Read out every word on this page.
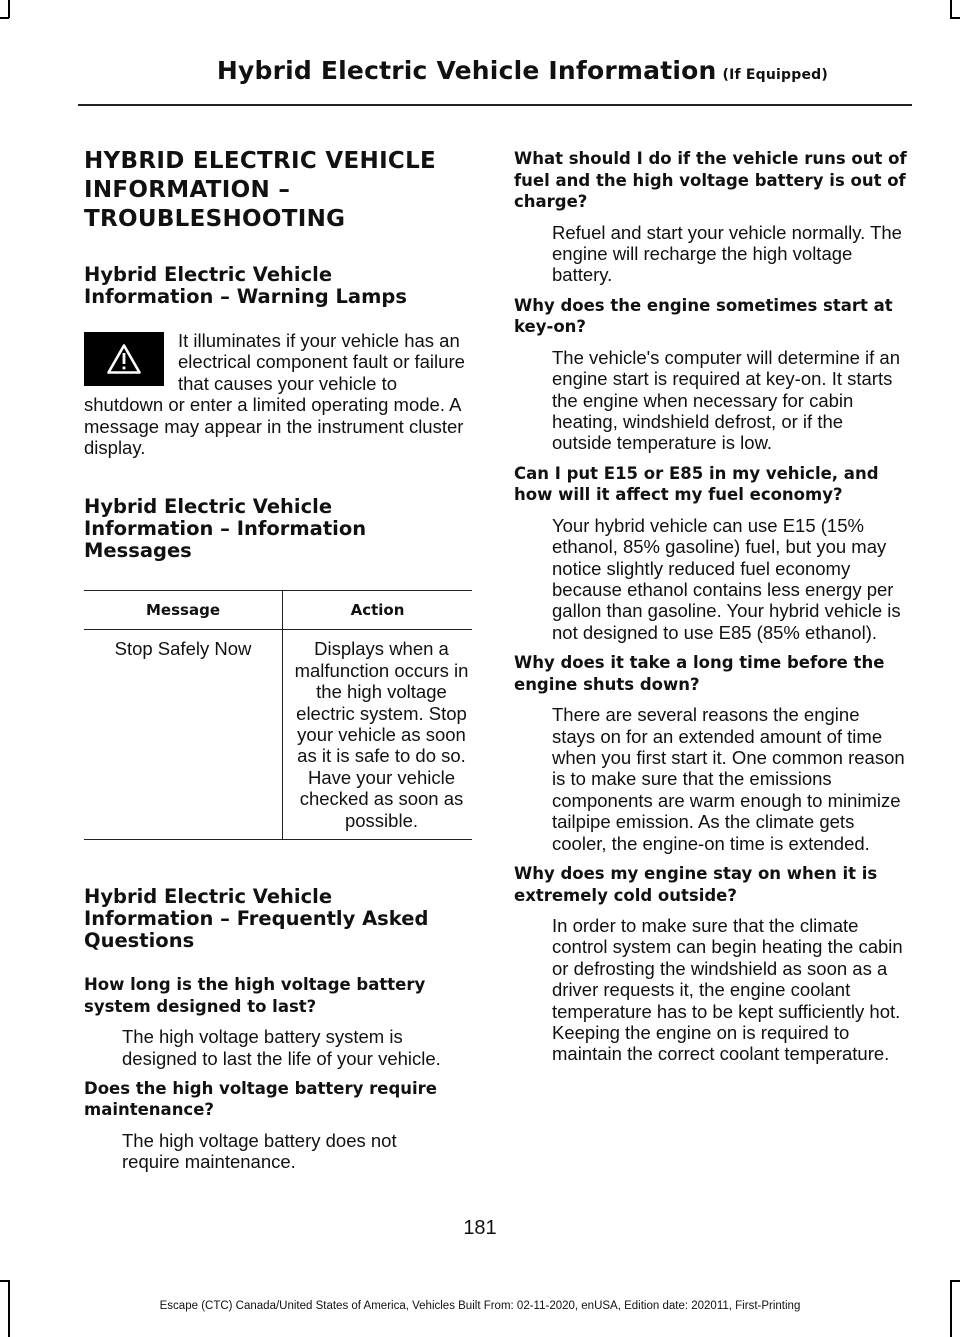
Hybrid Electric Vehicle Information (If Equipped)
HYBRID ELECTRIC VEHICLE
INFORMATION –
TROUBLESHOOTING
Hybrid Electric Vehicle Information – Warning Lamps

It illuminates if your vehicle has an electrical component fault or failure that causes your vehicle to shutdown or enter a limited operating mode. A message may appear in the instrument cluster display.

Hybrid Electric Vehicle Information – Information Messages
Message	Action
Stop Safely Now	Displays when a malfunction occurs in the high voltage electric system. Stop your vehicle as soon as it is safe to do so. Have your vehicle checked as soon as possible.
Hybrid Electric Vehicle Information – Frequently Asked Questions
How long is the high voltage battery system designed to last?

The high voltage battery system is designed to last the life of your vehicle.

Does the high voltage battery require maintenance?

The high voltage battery does not require maintenance.

What should I do if the vehicle runs out of fuel and the high voltage battery is out of charge?

Refuel and start your vehicle normally. The engine will recharge the high voltage battery.

Why does the engine sometimes start at key-on?

The vehicle's computer will determine if an engine start is required at key-on. It starts the engine when necessary for cabin heating, windshield defrost, or if the outside temperature is low.

Can I put E15 or E85 in my vehicle, and how will it affect my fuel economy?

Your hybrid vehicle can use E15 (15% ethanol, 85% gasoline) fuel, but you may notice slightly reduced fuel economy because ethanol contains less energy per gallon than gasoline. Your hybrid vehicle is not designed to use E85 (85% ethanol).

Why does it take a long time before the engine shuts down?

There are several reasons the engine stays on for an extended amount of time when you first start it. One common reason is to make sure that the emissions components are warm enough to minimize tailpipe emission. As the climate gets cooler, the engine-on time is extended.

Why does my engine stay on when it is extremely cold outside?

In order to make sure that the climate control system can begin heating the cabin or defrosting the windshield as soon as a driver requests it, the engine coolant temperature has to be kept sufficiently hot. Keeping the engine on is required to maintain the correct coolant temperature.

181
Escape (CTC) Canada/United States of America, Vehicles Built From: 02-11-2020, enUSA, Edition date: 202011, First-Printing
